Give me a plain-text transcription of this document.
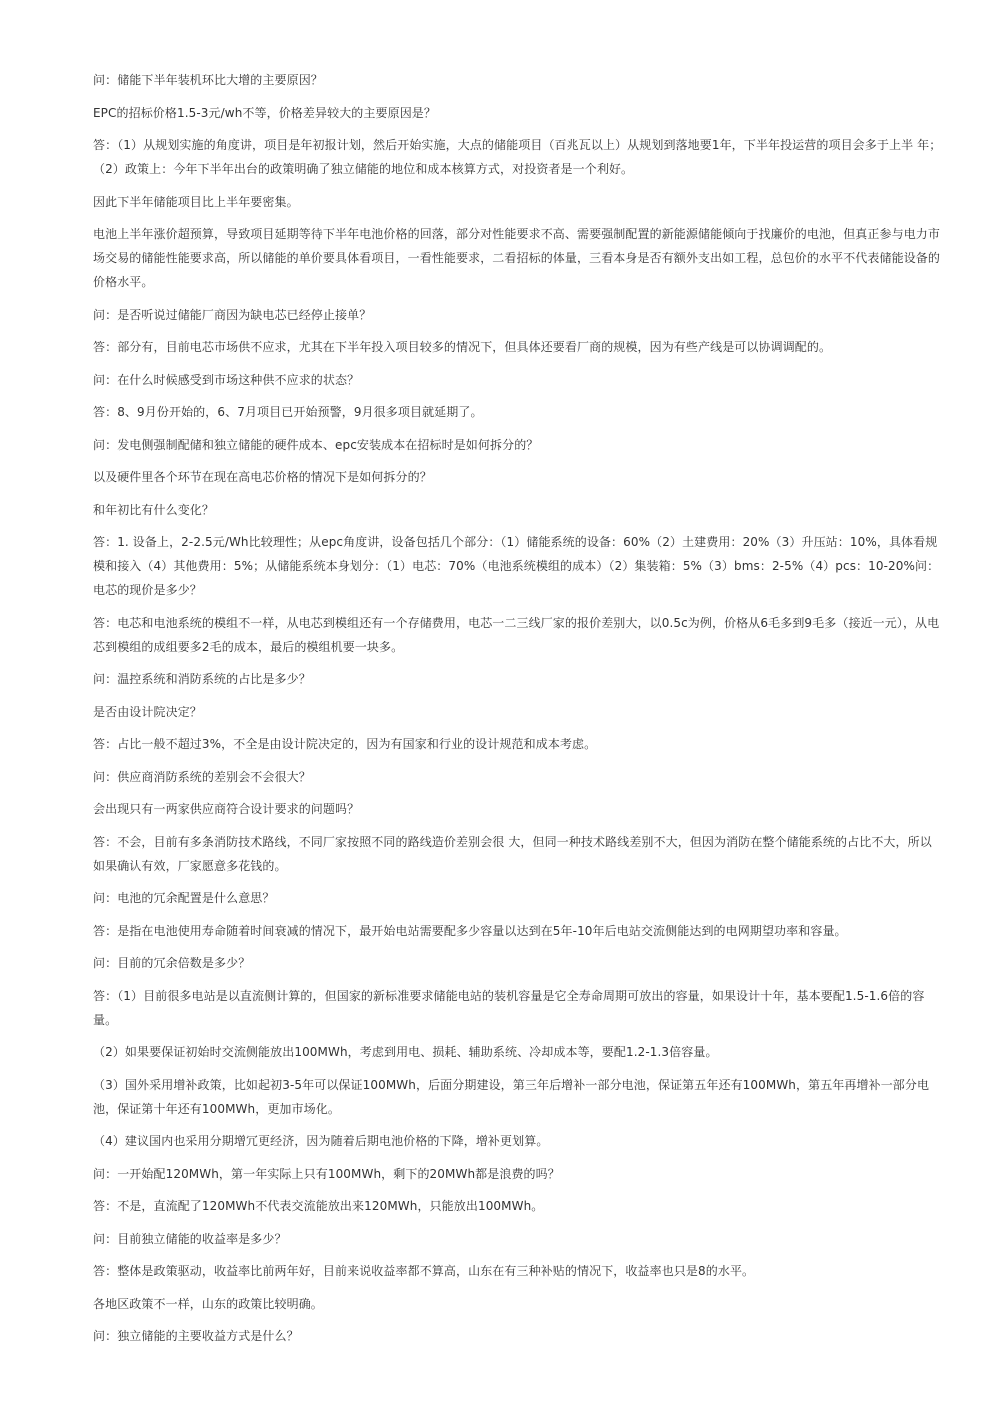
问：储能下半年装机环比大增的主要原因？

EPC的招标价格1.5-3元/wh不等，价格差异较大的主要原因是？

答：（1）从规划实施的角度讲，项目是年初报计划，然后开始实施，大点的储能项目（百兆瓦以上）从规划到落地要1年，下半年投运营的项目会多于上半 年；（2）政策上：今年下半年出台的政策明确了独立储能的地位和成本核算方式，对投资者是一个利好。

因此下半年储能项目比上半年要密集。

电池上半年涨价超预算，导致项目延期等待下半年电池价格的回落，部分对性能要求不高、需要强制配置的新能源储能倾向于找廉价的电池，但真正参与电力市场交易的储能性能要求高，所以储能的单价要具体看项目，一看性能要求，二看招标的体量，三看本身是否有额外支出如工程，总包价的水平不代表储能设备的价格水平。

问：是否听说过储能厂商因为缺电芯已经停止接单？

答：部分有，目前电芯市场供不应求，尤其在下半年投入项目较多的情况下，但具体还要看厂商的规模，因为有些产线是可以协调调配的。

问：在什么时候感受到市场这种供不应求的状态？

答：8、9月份开始的，6、7月项目已开始预警，9月很多项目就延期了。

问：发电侧强制配储和独立储能的硬件成本、epc安装成本在招标时是如何拆分的？

以及硬件里各个环节在现在高电芯价格的情况下是如何拆分的？

和年初比有什么变化？

答：1. 设备上，2-2.5元/Wh比较理性；从epc角度讲，设备包括几个部分：（1）储能系统的设备：60%（2）土建费用：20%（3）升压站：10%，具体看规模和接入（4）其他费用：5%；从储能系统本身划分：（1）电芯：70%（电池系统模组的成本）（2）集装箱：5%（3）bms：2-5%（4）pcs：10-20%问：电芯的现价是多少？

答：电芯和电池系统的模组不一样，从电芯到模组还有一个存储费用，电芯一二三线厂家的报价差别大，以0.5c为例，价格从6毛多到9毛多（接近一元），从电芯到模组的成组要多2毛的成本，最后的模组机要一块多。

问：温控系统和消防系统的占比是多少？

是否由设计院决定？

答：占比一般不超过3%，不全是由设计院决定的，因为有国家和行业的设计规范和成本考虑。

问：供应商消防系统的差别会不会很大？

会出现只有一两家供应商符合设计要求的问题吗？

答：不会，目前有多条消防技术路线，不同厂家按照不同的路线造价差别会很 大，但同一种技术路线差别不大，但因为消防在整个储能系统的占比不大，所以如果确认有效，厂家愿意多花钱的。

问：电池的冗余配置是什么意思？

答：是指在电池使用寿命随着时间衰减的情况下，最开始电站需要配多少容量以达到在5年-10年后电站交流侧能达到的电网期望功率和容量。

问：目前的冗余倍数是多少？

答：（1）目前很多电站是以直流侧计算的，但国家的新标准要求储能电站的装机容量是它全寿命周期可放出的容量，如果设计十年，基本要配1.5-1.6倍的容量。

（2）如果要保证初始时交流侧能放出100MWh，考虑到用电、损耗、辅助系统、冷却成本等，要配1.2-1.3倍容量。

（3）国外采用增补政策，比如起初3-5年可以保证100MWh，后面分期建设，第三年后增补一部分电池，保证第五年还有100MWh，第五年再增补一部分电池，保证第十年还有100MWh，更加市场化。

（4）建议国内也采用分期增冗更经济，因为随着后期电池价格的下降，增补更划算。

问：一开始配120MWh，第一年实际上只有100MWh，剩下的20MWh都是浪费的吗？

答：不是，直流配了120MWh不代表交流能放出来120MWh，只能放出100MWh。

问：目前独立储能的收益率是多少？

答：整体是政策驱动，收益率比前两年好，目前来说收益率都不算高，山东在有三种补贴的情况下，收益率也只是8的水平。

各地区政策不一样，山东的政策比较明确。

问：独立储能的主要收益方式是什么？
